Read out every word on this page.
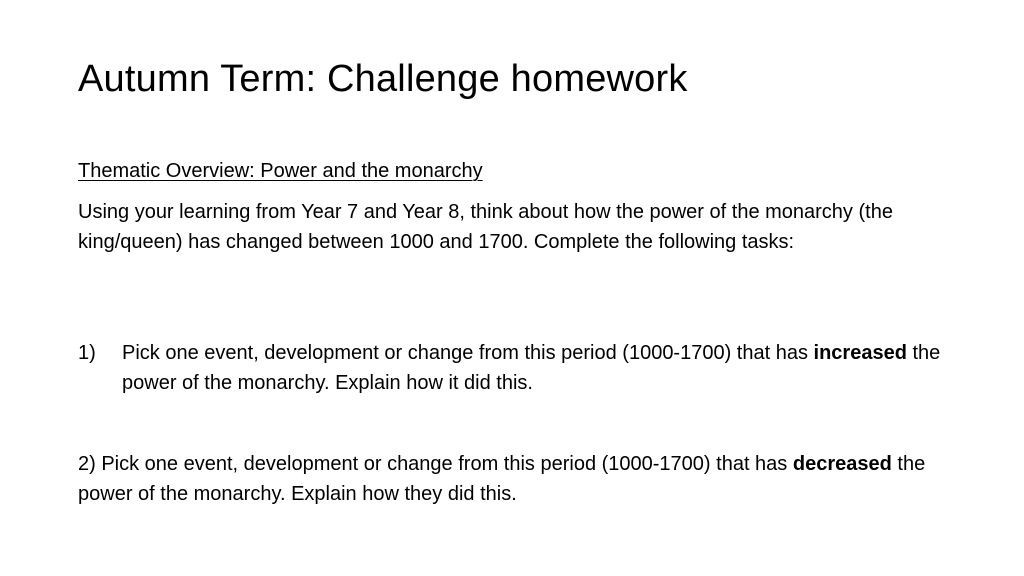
Autumn Term: Challenge homework
Thematic Overview: Power and the monarchy
Using your learning from Year 7 and Year 8, think about how the power of the monarchy (the king/queen) has changed between 1000 and 1700. Complete the following tasks:
1)	Pick one event, development or change from this period (1000-1700) that has increased the power of the monarchy. Explain how it did this.
2) Pick one event, development or change from this period (1000-1700) that has decreased the power of the monarchy. Explain how they did this.
